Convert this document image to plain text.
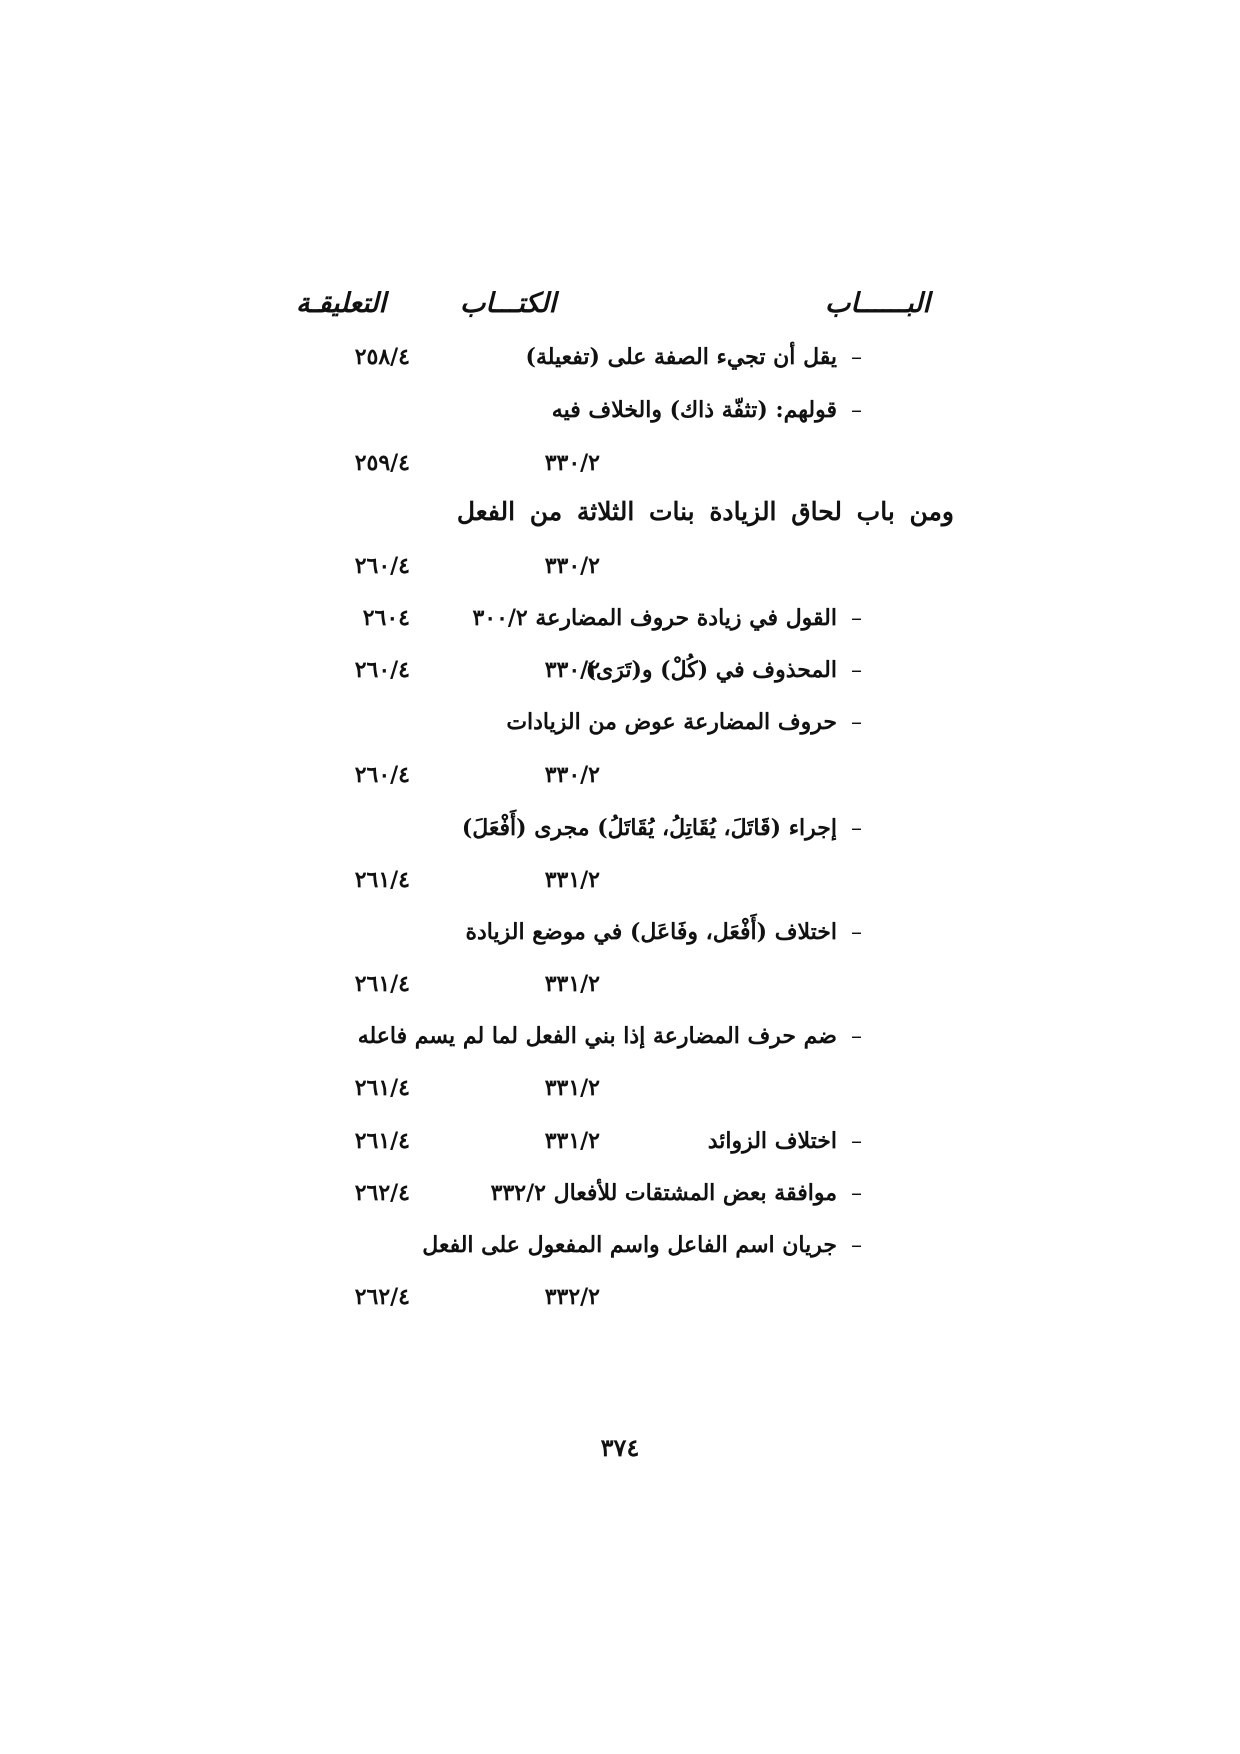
البــــــاب
الكتـــاب
التعليقـة
–يقل أن تجيء الصفة على (تفعيلة)
٢٥٨/٤
–قولهم: (تثفّة ذاك) والخلاف فيه
٣٣٠/٢
٢٥٩/٤
ومن باب لحاق الزيادة بنات الثلاثة من الفعل
٣٣٠/٢
٢٦٠/٤
–القول في زيادة حروف المضارعة ٣٠٠/٢
٢٦٠٤
–المحذوف في (كُلْ) و(تَرَى)
٣٣٠/٢
٢٦٠/٤
–حروف المضارعة عوض من الزيادات
٣٣٠/٢
٢٦٠/٤
–إجراء (قَاتَلَ، يُقَاتِلُ، يُقَاتَلُ) مجرى (أَفْعَلَ)
٣٣١/٢
٢٦١/٤
–اختلاف (أَفْعَل، وفَاعَل) في موضع الزيادة
٣٣١/٢
٢٦١/٤
–ضم حرف المضارعة إذا بني الفعل لما لم يسم فاعله
٣٣١/٢
٢٦١/٤
–اختلاف الزوائد
٣٣١/٢
٢٦١/٤
–موافقة بعض المشتقات للأفعال ٣٣٢/٢
٢٦٢/٤
–جريان اسم الفاعل واسم المفعول على الفعل
٣٣٢/٢
٢٦٢/٤
٣٧٤
